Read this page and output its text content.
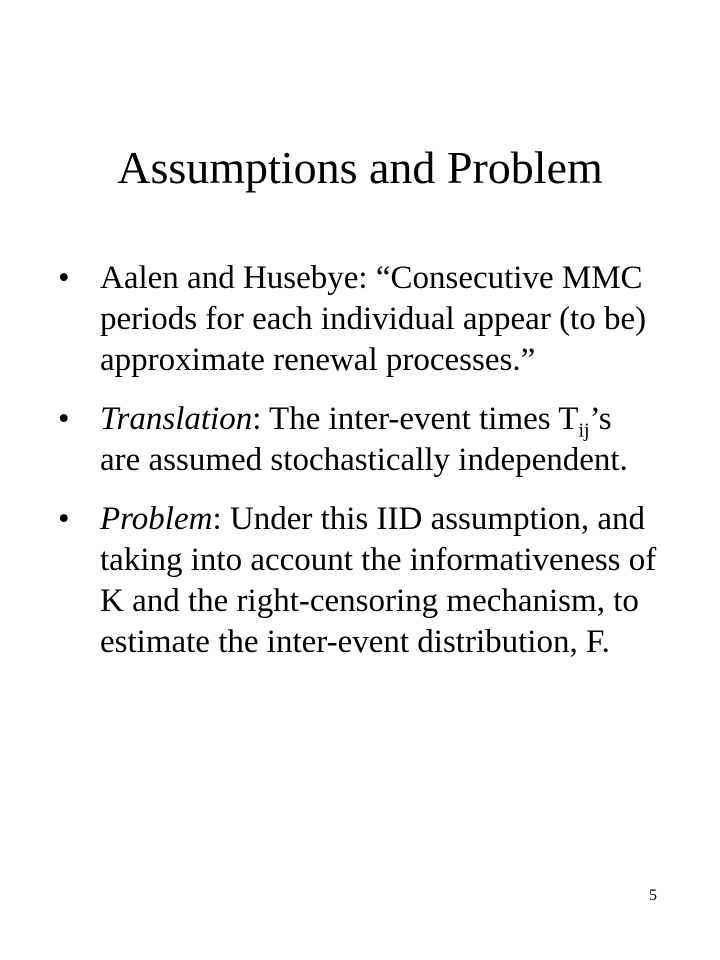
Assumptions and Problem
• Aalen and Husebye: “Consecutive MMC periods for each individual appear (to be) approximate renewal processes.”
• Translation: The inter-event times $T_{ij}’s$ are assumed stochastically independent.
• Problem: Under this IID assumption, and taking into account the informativeness of K and the right-censoring mechanism, to estimate the inter-event distribution, F.
5
